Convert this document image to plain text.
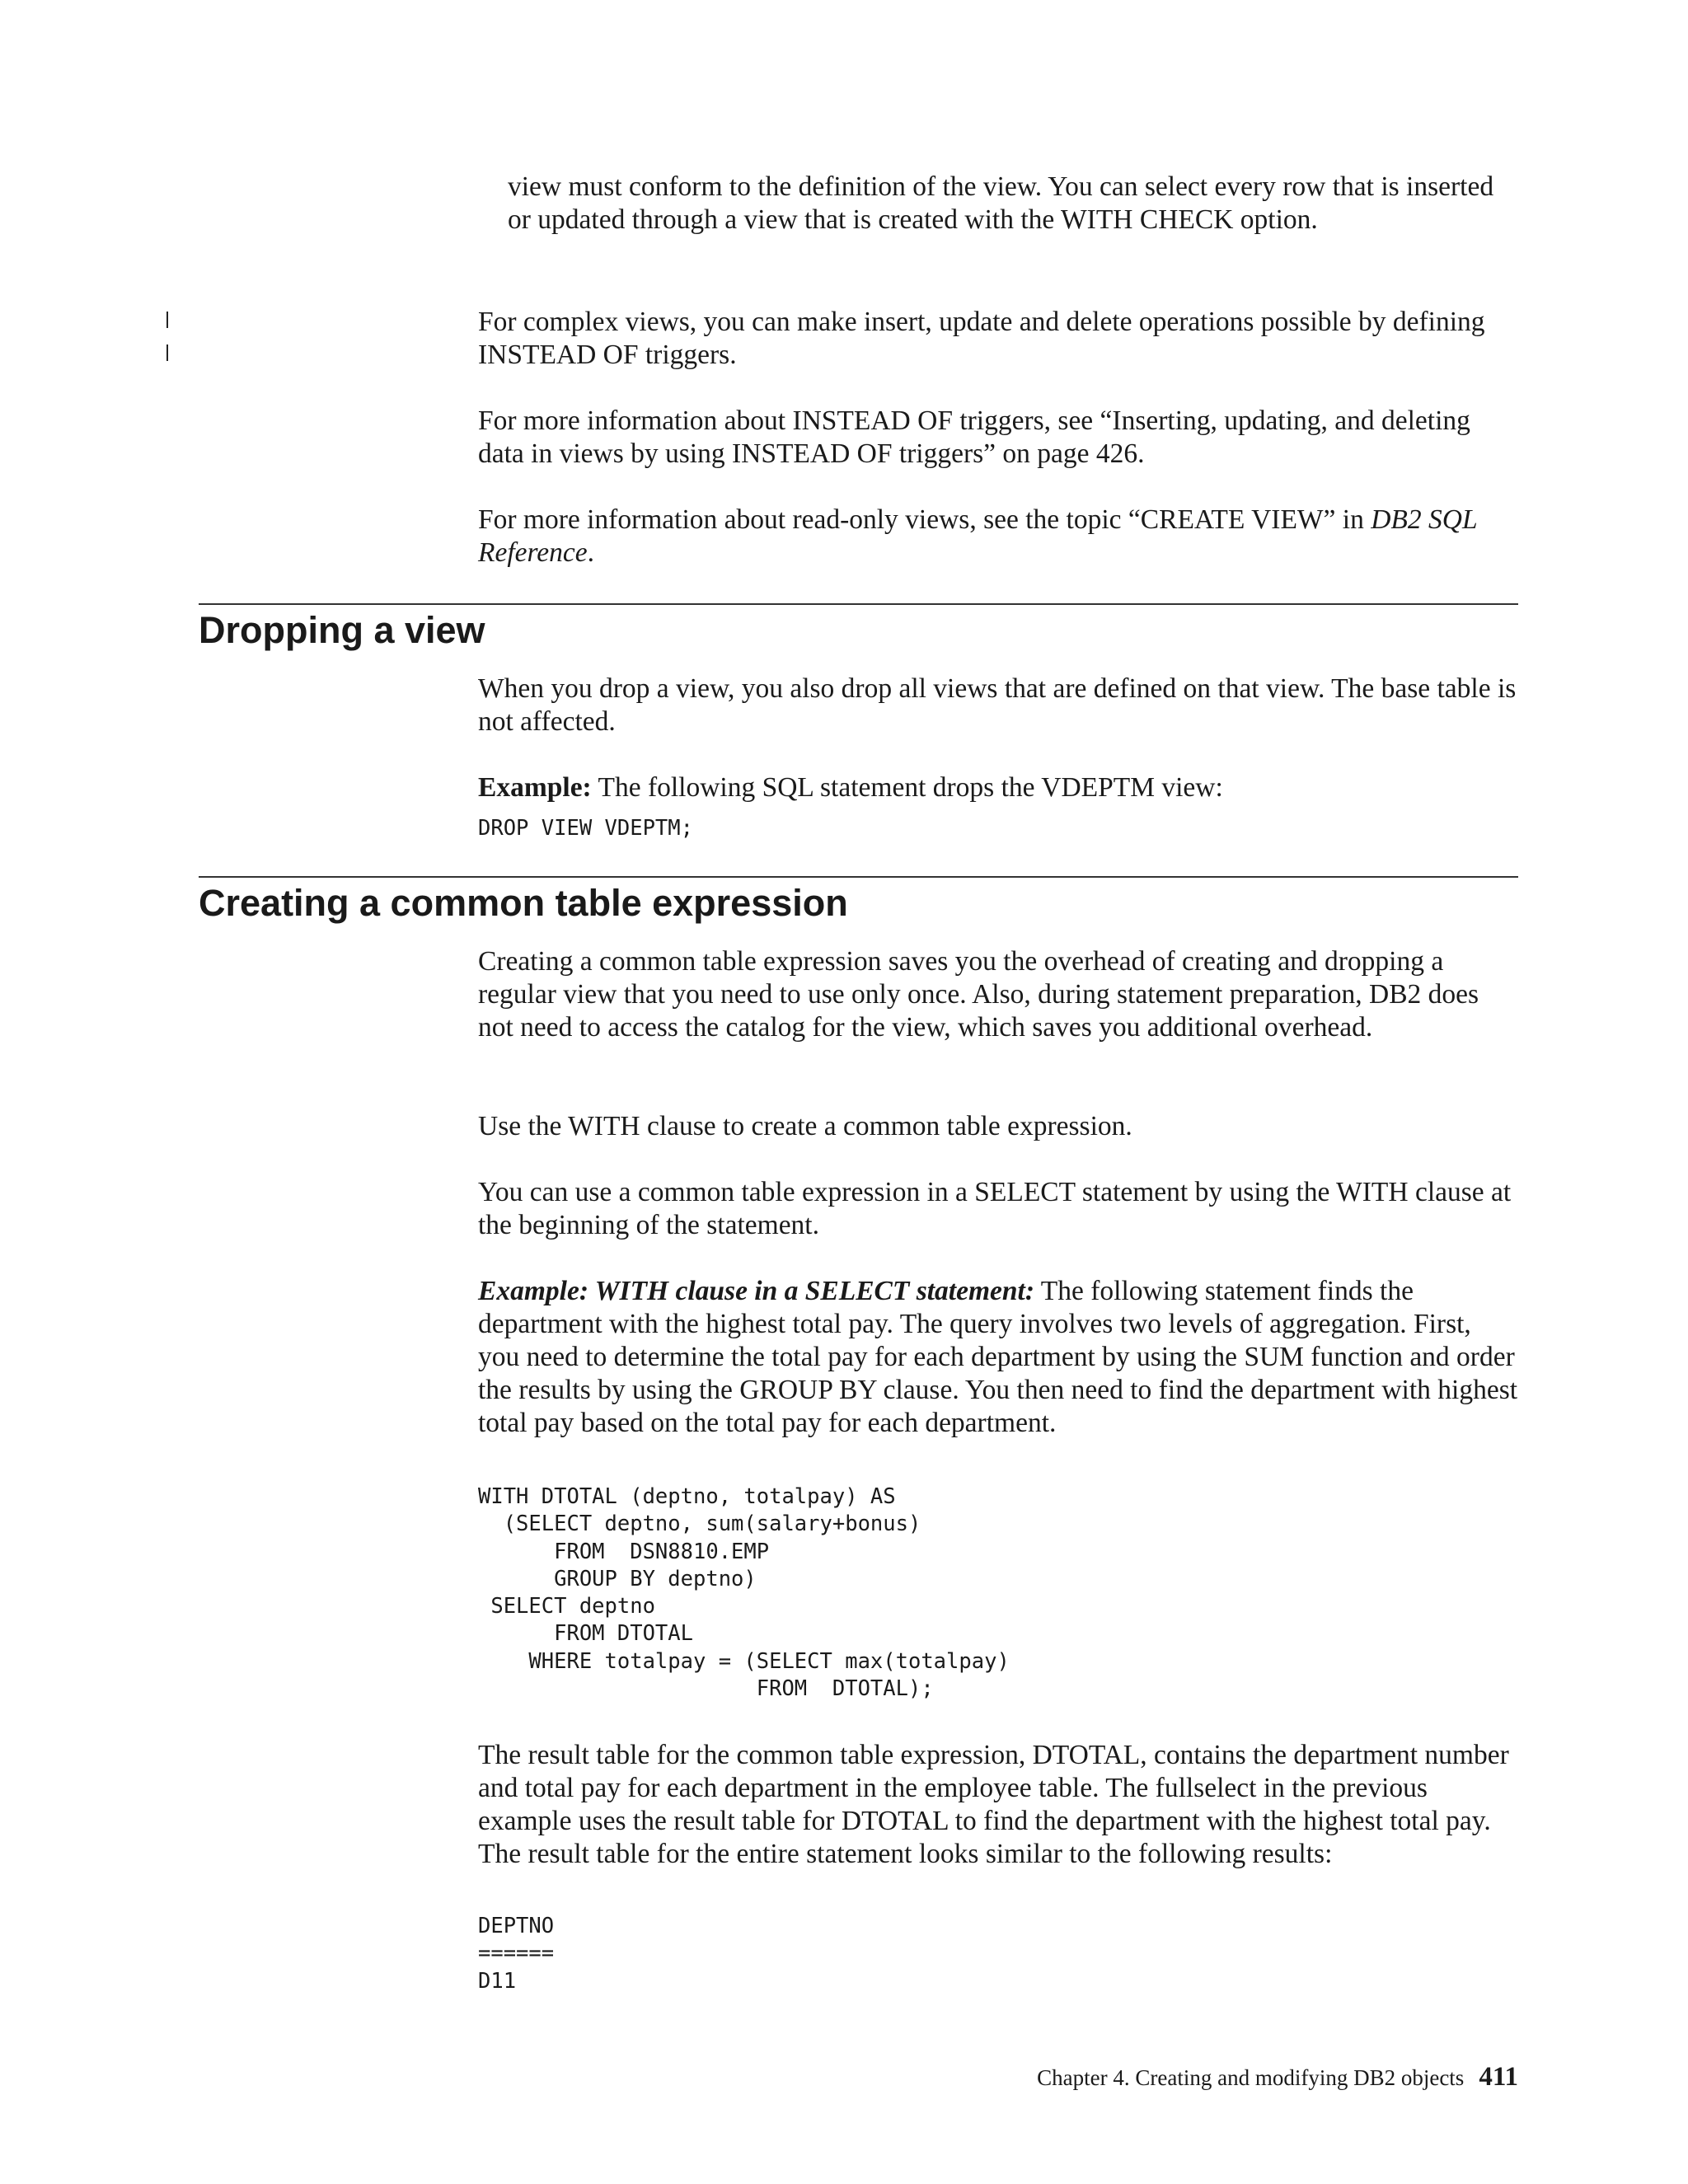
view must conform to the definition of the view. You can select every row that is inserted or updated through a view that is created with the WITH CHECK option.

For complex views, you can make insert, update and delete operations possible by defining INSTEAD OF triggers.

For more information about INSTEAD OF triggers, see “Inserting, updating, and deleting data in views by using INSTEAD OF triggers” on page 426.

For more information about read-only views, see the topic “CREATE VIEW” in DB2 SQL Reference.

Dropping a view

When you drop a view, you also drop all views that are defined on that view. The base table is not affected.

Example: The following SQL statement drops the VDEPTM view:

DROP VIEW VDEPTM;
Creating a common table expression

Creating a common table expression saves you the overhead of creating and dropping a regular view that you need to use only once. Also, during statement preparation, DB2 does not need to access the catalog for the view, which saves you additional overhead.

Use the WITH clause to create a common table expression.

You can use a common table expression in a SELECT statement by using the WITH clause at the beginning of the statement.

Example: WITH clause in a SELECT statement: The following statement finds the department with the highest total pay. The query involves two levels of aggregation. First, you need to determine the total pay for each department by using the SUM function and order the results by using the GROUP BY clause. You then need to find the department with highest total pay based on the total pay for each department.

WITH DTOTAL (deptno, totalpay) AS
(SELECT deptno, sum(salary+bonus)
FROM  DSN8810.EMP
GROUP BY deptno)
SELECT deptno
FROM DTOTAL
WHERE totalpay = (SELECT max(totalpay)
FROM  DTOTAL);

The result table for the common table expression, DTOTAL, contains the department number and total pay for each department in the employee table. The fullselect in the previous example uses the result table for DTOTAL to find the department with the highest total pay. The result table for the entire statement looks similar to the following results:

DEPTNO
======
D11
Chapter 4. Creating and modifying DB2 objects 411
